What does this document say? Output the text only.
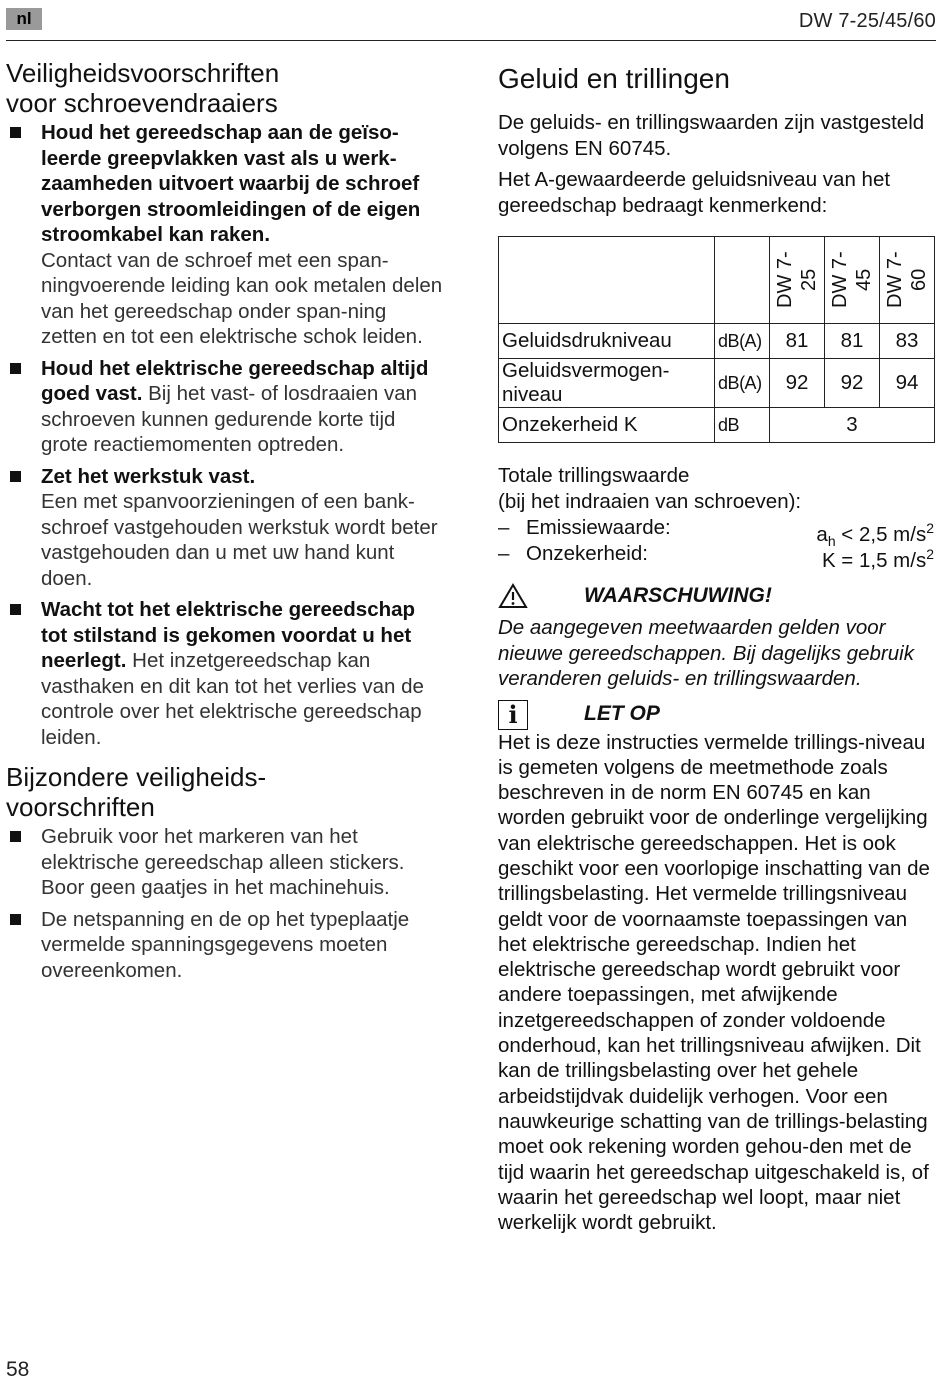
nl	DW 7-25/45/60
Veiligheidsvoorschriften
voor schroevendraaiers
Houd het gereedschap aan de geïso-leerde greepvlakken vast als u werk-zaamheden uitvoert waarbij de schroef verborgen stroomleidingen of de eigen stroomkabel kan raken.
Contact van de schroef met een span-ningvoerende leiding kan ook metalen delen van het gereedschap onder span-ning zetten en tot een elektrische schok leiden.
Houd het elektrische gereedschap altijd goed vast. Bij het vast- of losdraaien van schroeven kunnen gedurende korte tijd grote reactiemomenten optreden.
Zet het werkstuk vast.
Een met spanvoorzieningen of een bank-schroef vastgehouden werkstuk wordt beter vastgehouden dan u met uw hand kunt doen.
Wacht tot het elektrische gereedschap tot stilstand is gekomen voordat u het neerlegt. Het inzetgereedschap kan vasthaken en dit kan tot het verlies van de controle over het elektrische gereedschap leiden.
Bijzondere veiligheids-
voorschriften
Gebruik voor het markeren van het elektrische gereedschap alleen stickers. Boor geen gaatjes in het machinehuis.
De netspanning en de op het typeplaatje vermelde spanningsgegevens moeten overeenkomen.
Geluid en trillingen

De geluids- en trillingswaarden zijn vastgesteld volgens EN 60745.

Het A-gewaardeerde geluidsniveau van het gereedschap bedraagt kenmerkend:

		DW 7-25	DW 7-45	DW 7-60

Geluidsdrukniveau	dB(A)	81	81	83
Geluidsvermogen-niveau	dB(A)	92	92	94
Onzekerheid K	dB	3		
Totale trillingswaarde
(bij het indraaien van schroeven):
– Emissiewaarde:	$a_h < 2,5$ $m/s^2$
– Onzekerheid:	K = 1,5 $m/s^2$
WAARSCHUWING!
De aangegeven meetwaarden gelden voor nieuwe gereedschappen. Bij dagelijks gebruik veranderen geluids- en trillingswaarden.
i	LET OP
Het is deze instructies vermelde trillings-niveau is gemeten volgens de meetmethode zoals beschreven in de norm EN 60745 en kan worden gebruikt voor de onderlinge vergelijking van elektrische gereedschappen. Het is ook geschikt voor een voorlopige inschatting van de trillingsbelasting. Het vermelde trillingsniveau geldt voor de voornaamste toepassingen van het elektrische gereedschap. Indien het elektrische gereedschap wordt gebruikt voor andere toepassingen, met afwijkende inzetgereedschappen of zonder voldoende onderhoud, kan het trillingsniveau afwijken. Dit kan de trillingsbelasting over het gehele arbeidstijdvak duidelijk verhogen. Voor een nauwkeurige schatting van de trillings-belasting moet ook rekening worden gehou-den met de tijd waarin het gereedschap uitgeschakeld is, of waarin het gereedschap wel loopt, maar niet werkelijk wordt gebruikt.
58
